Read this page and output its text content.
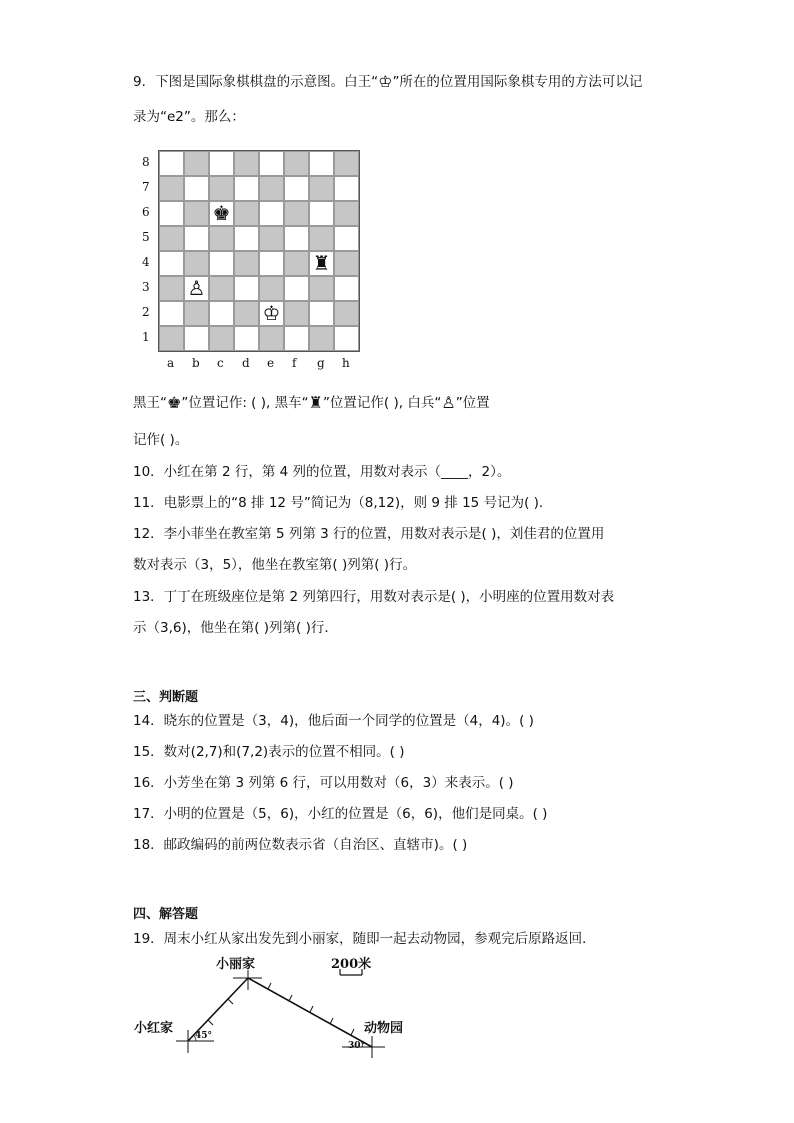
9．下图是国际象棋棋盘的示意图。白王“♔”所在的位置用国际象棋专用的方法可以记
录为“e2”。那么：
♚
♜
♙
♔
8
7
6
5
4
3
2
1
a b c d e f g h
黑王“♚”位置记作: ( ), 黑车“♜”位置记作( ), 白兵“♙”位置
记作( )。
10．小红在第 2 行，第 4 列的位置，用数对表示（____，2）。
11．电影票上的“8 排 12 号”简记为（8,12)，则 9 排 15 号记为( )．
12．李小菲坐在教室第 5 列第 3 行的位置，用数对表示是( )，刘佳君的位置用
数对表示（3，5），他坐在教室第( )列第( )行。
13．丁丁在班级座位是第 2 列第四行，用数对表示是( )，小明座的位置用数对表
示（3,6)，他坐在第( )列第( )行．
三、判断题
14．晓东的位置是（3，4)，他后面一个同学的位置是（4，4)。( )
15．数对(2,7)和(7,2)表示的位置不相同。( )
16．小芳坐在第 3 列第 6 行，可以用数对（6，3）来表示。( )
17．小明的位置是（5，6)，小红的位置是（6，6)，他们是同桌。( )
18．邮政编码的前两位数表示省（自治区、直辖市)。( )
四、解答题
19．周末小红从家出发先到小丽家，随即一起去动物园，参观完后原路返回．
小丽家	200米
小红家	动物园
45°
30°
